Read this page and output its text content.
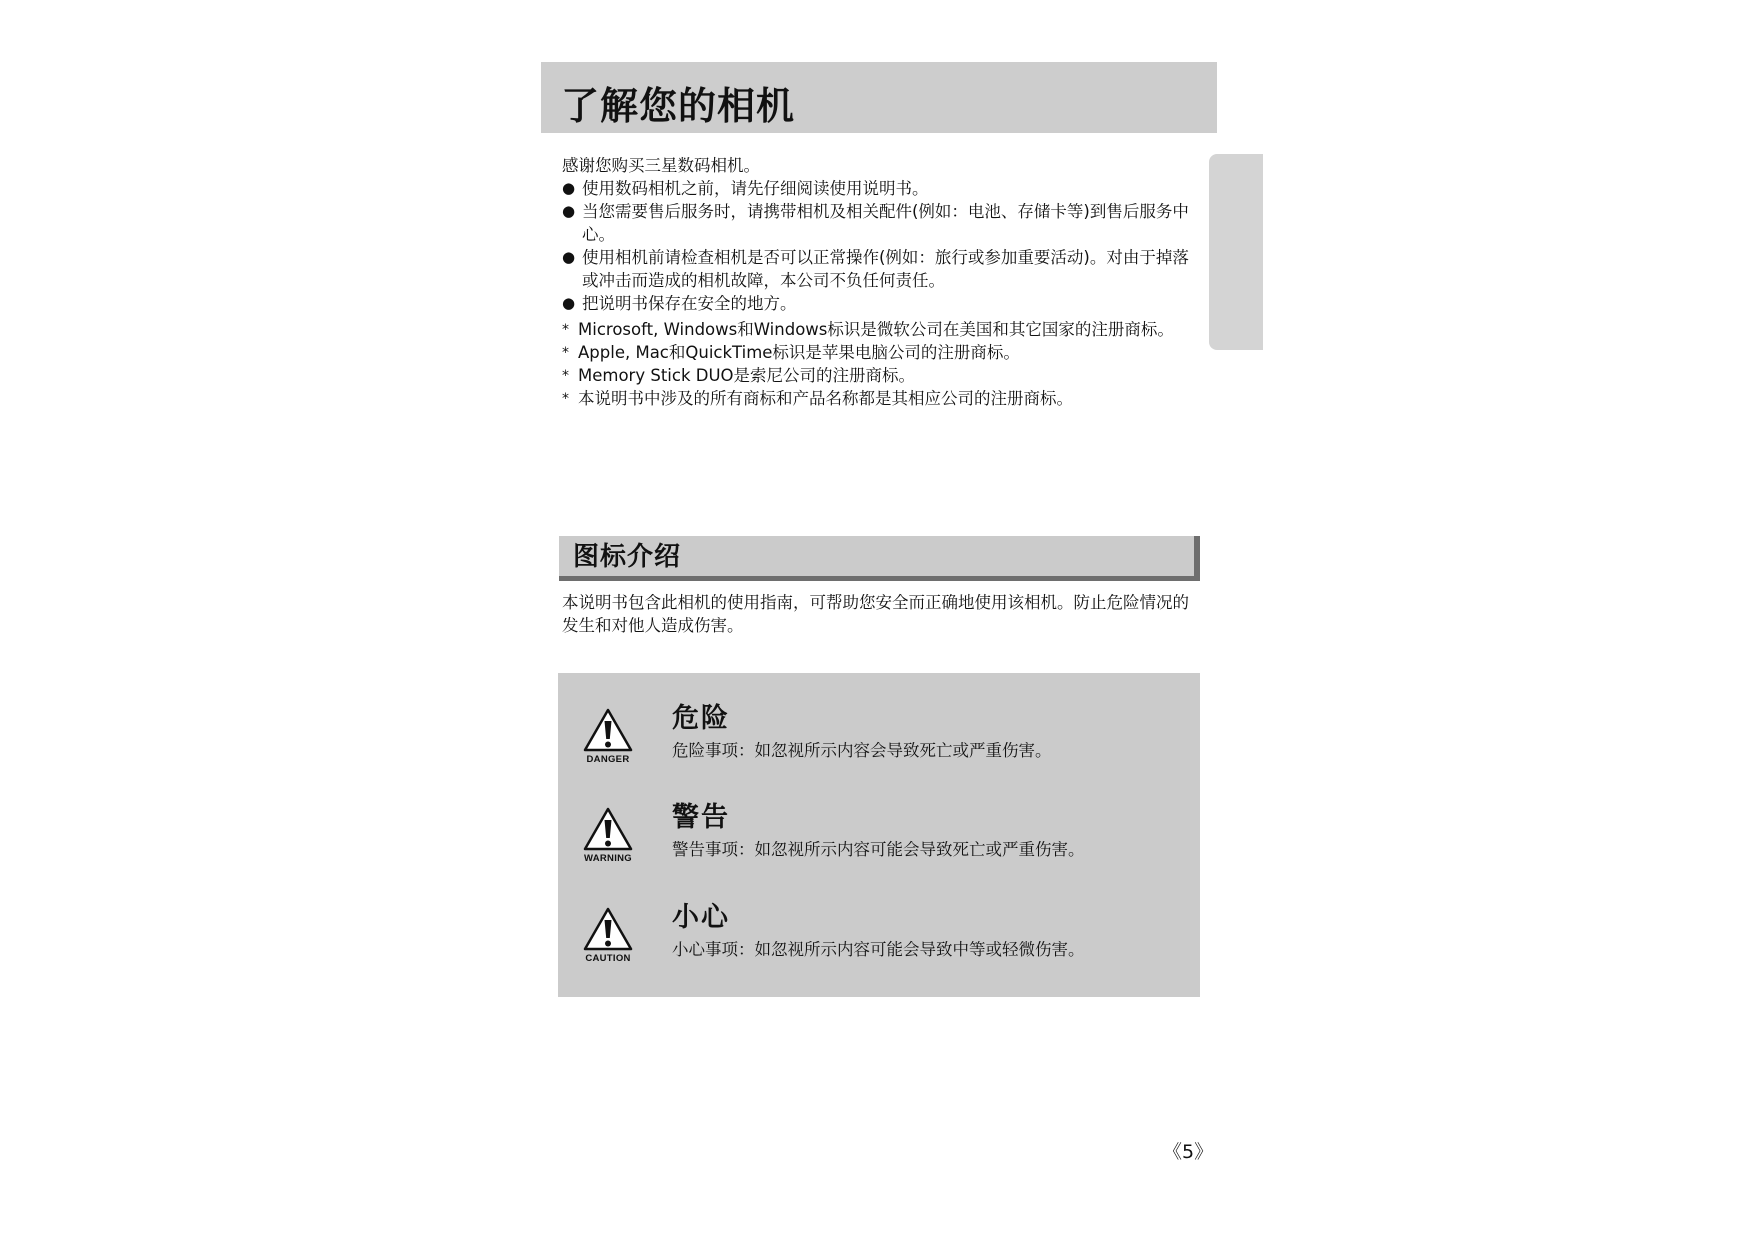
了解您的相机

感谢您购买三星数码相机。

● 使用数码相机之前，请先仔细阅读使用说明书。
● 当您需要售后服务时，请携带相机及相关配件(例如：电池、存储卡等)到售后服务中心。
● 使用相机前请检查相机是否可以正常操作(例如：旅行或参加重要活动)。对由于掉落或冲击而造成的相机故障，本公司不负任何责任。
● 把说明书保存在安全的地方。
* Microsoft, Windows和Windows标识是微软公司在美国和其它国家的注册商标。
* Apple, Mac和QuickTime标识是苹果电脑公司的注册商标。
* Memory Stick DUO是索尼公司的注册商标。
* 本说明书中涉及的所有商标和产品名称都是其相应公司的注册商标。
图标介绍

本说明书包含此相机的使用指南，可帮助您安全而正确地使用该相机。防止危险情况的发生和对他人造成伤害。

DANGER
危险
危险事项：如忽视所示内容会导致死亡或严重伤害。
WARNING
警告
警告事项：如忽视所示内容可能会导致死亡或严重伤害。
CAUTION
小心
小心事项：如忽视所示内容可能会导致中等或轻微伤害。
《5》
